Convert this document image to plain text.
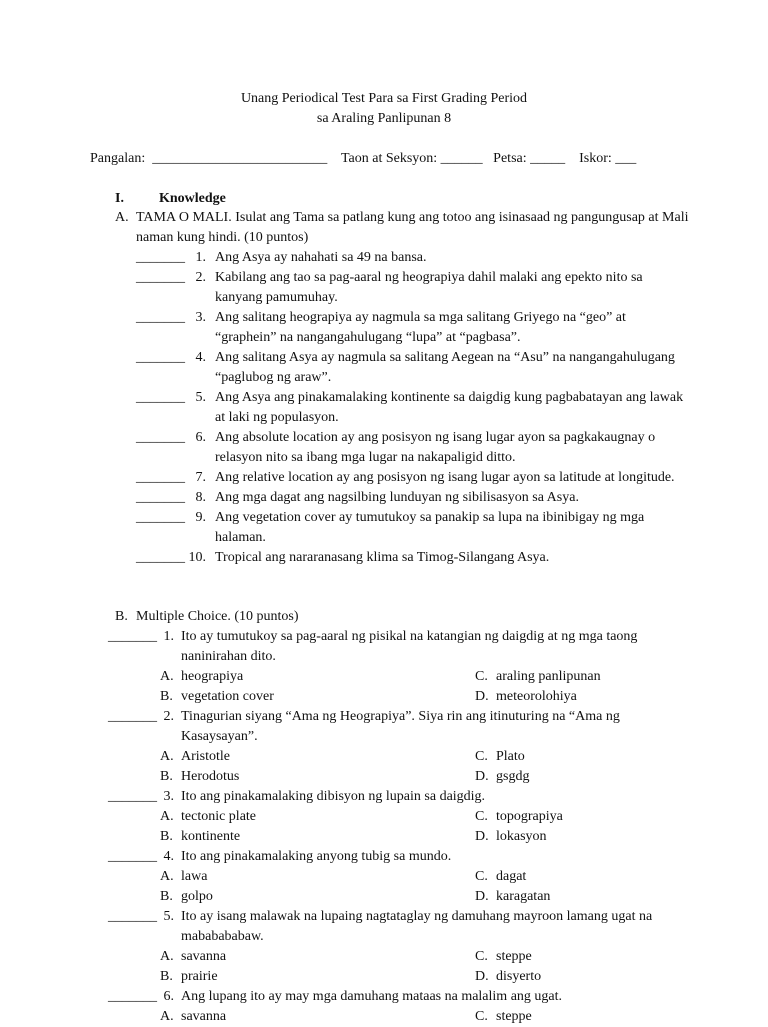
Unang Periodical Test Para sa First Grading Period
sa Araling Panlipunan 8
Pangalan:  _________________________    Taon at Seksyon: ______   Petsa: _____    Iskor: ___
I.	Knowledge
A. TAMA O MALI. Isulat ang Tama sa patlang kung ang totoo ang isinasaad ng pangungusap at Mali naman kung hindi. (10 puntos)
_______ 1. Ang Asya ay nahahati sa 49 na bansa.
_______ 2. Kabilang ang tao sa pag-aaral ng heograpiya dahil malaki ang epekto nito sa kanyang pamumuhay.
_______ 3. Ang salitang heograpiya ay nagmula sa mga salitang Griyego na “geo” at “graphein” na nangangahulugang “lupa” at “pagbasa”.
_______ 4. Ang salitang Asya ay nagmula sa salitang Aegean na “Asu” na nangangahulugang “paglubog ng araw”.
_______ 5. Ang Asya ang pinakamalaking kontinente sa daigdig kung pagbabatayan ang lawak at laki ng populasyon.
_______ 6. Ang absolute location ay ang posisyon ng isang lugar ayon sa pagkakaugnay o relasyon nito sa ibang mga lugar na nakapaligid ditto.
_______ 7. Ang relative location ay ang posisyon ng isang lugar ayon sa latitude at longitude.
_______ 8. Ang mga dagat ang nagsilbing lunduyan ng sibilisasyon sa Asya.
_______ 9. Ang vegetation cover ay tumutukoy sa panakip sa lupa na ibinibigay ng mga halaman.
_______ 10. Tropical ang nararanasang klima sa Timog-Silangang Asya.
B. Multiple Choice. (10 puntos)
_______ 1. Ito ay tumutukoy sa pag-aaral ng pisikal na katangian ng daigdig at ng mga taong naninirahan dito.
A. heograpiya	C. araling panlipunan
B. vegetation cover	D. meteorolohiya
_______ 2. Tinagurian siyang “Ama ng Heograpiya”. Siya rin ang itinuturing na “Ama ng Kasaysayan”.
A. Aristotle	C. Plato
B. Herodotus	D. gsgdg
_______ 3. Ito ang pinakamalaking dibisyon ng lupain sa daigdig.
A. tectonic plate	C. topograpiya
B. kontinente	D. lokasyon
_______ 4. Ito ang pinakamalaking anyong tubig sa mundo.
A. lawa	C. dagat
B. golpo	D. karagatan
_______ 5. Ito ay isang malawak na lupaing nagtataglay ng damuhang mayroon lamang ugat na mababababaw.
A. savanna	C. steppe
B. prairie	D. disyerto
_______ 6. Ang lupang ito ay may mga damuhang mataas na malalim ang ugat.
A. savanna	C. steppe
